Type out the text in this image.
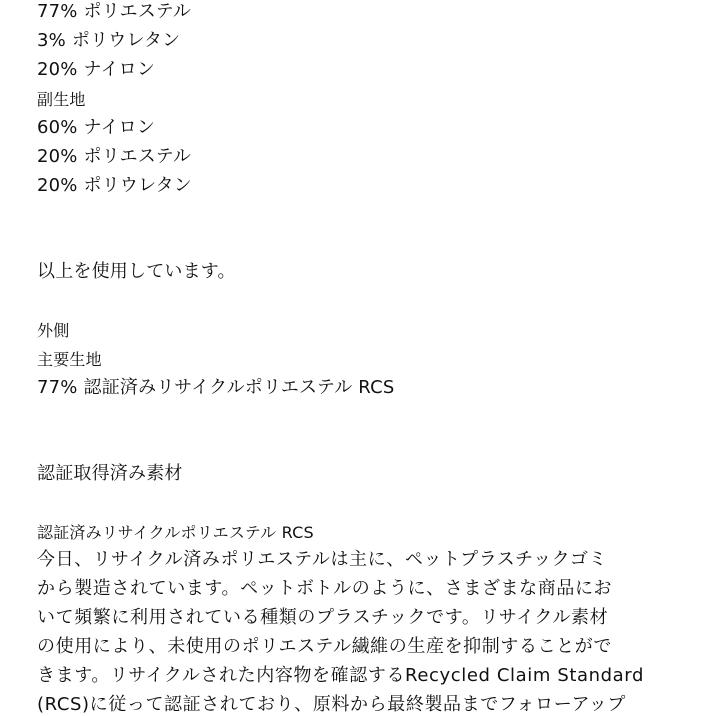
77% ポリエステル
3% ポリウレタン
20% ナイロン
副生地
60% ナイロン
20% ポリエステル
20% ポリウレタン
以上を使用しています。
外側
主要生地
77% 認証済みリサイクルポリエステル RCS
認証取得済み素材
認証済みリサイクルポリエステル RCS
今日、リサイクル済みポリエステルは主に、ペットプラスチックゴミ
から製造されています。ペットボトルのように、さまざまな商品にお
いて頻繁に利用されている種類のプラスチックです。リサイクル素材
の使用により、未使用のポリエステル繊維の生産を抑制することがで
きます。リサイクルされた内容物を確認するRecycled Claim Standard
(RCS)に従って認証されており、原料から最終製品までフォローアップ
